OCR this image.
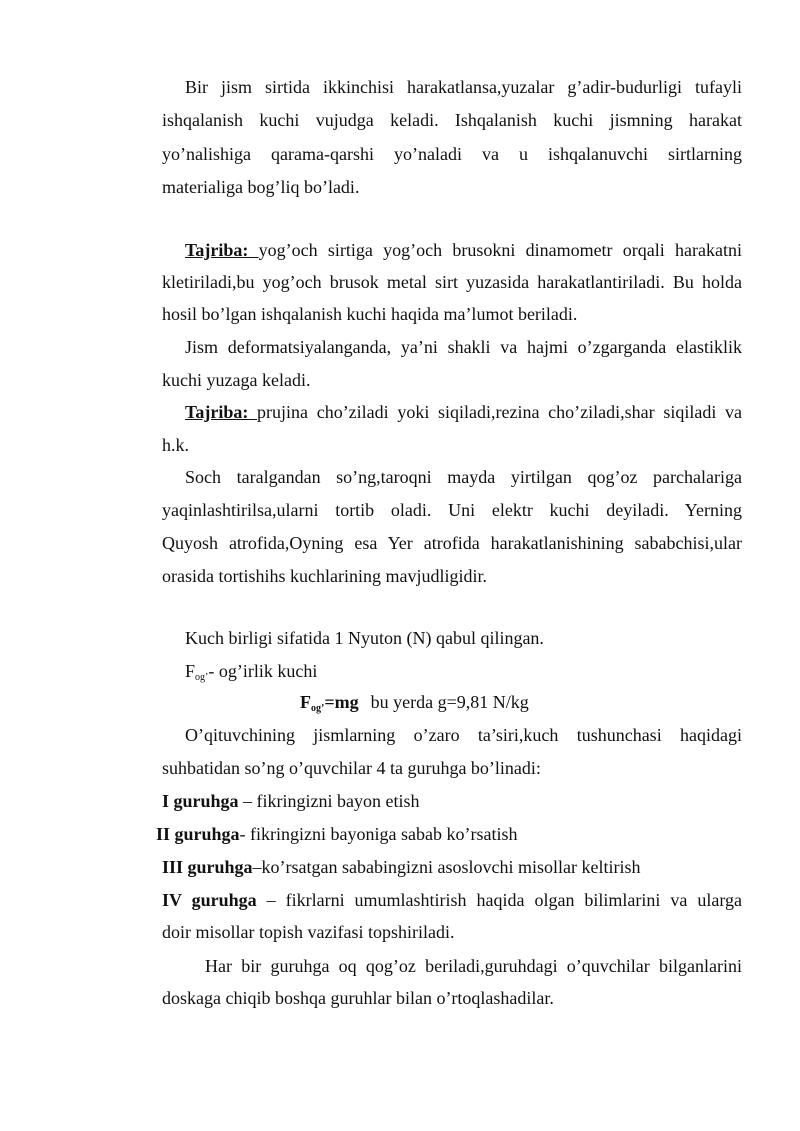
Bir jism sirtida ikkinchisi harakatlansa,yuzalar g’adir-budurligi tufayli
ishqalanish kuchi vujudga keladi. Ishqalanish kuchi jismning harakat
yo’nalishiga qarama-qarshi yo’naladi va u ishqalanuvchi sirtlarning
materialiga bog’liq bo’ladi.
Tajriba: yog’och sirtiga yog’och brusokni dinamometr orqali harakatni
kletiriladi,bu yog’och brusok metal sirt yuzasida harakatlantiriladi. Bu holda
hosil bo’lgan ishqalanish kuchi haqida ma’lumot beriladi.
Jism deformatsiyalanganda, ya’ni shakli va hajmi o’zgarganda elastiklik
kuchi yuzaga keladi.
Tajriba: prujina cho’ziladi yoki siqiladi,rezina cho’ziladi,shar siqiladi va
h.k.
Soch taralgandan so’ng,taroqni mayda yirtilgan qog’oz parchalariga
yaqinlashtirilsa,ularni tortib oladi. Uni elektr kuchi deyiladi. Yerning
Quyosh atrofida,Oyning esa Yer atrofida harakatlanishining sababchisi,ular
orasida tortishihs kuchlarining mavjudligidir.
Kuch birligi sifatida 1 Nyuton (N) qabul qilingan.
$F_{og’}-$ og’irlik kuchi
$F_{og’}=mg$ bu yerda g=9,81 N/kg
O’qituvchining jismlarning o’zaro ta’siri,kuch tushunchasi haqidagi
suhbatidan so’ng o’quvchilar 4 ta guruhga bo’linadi:
I guruhga – fikringizni bayon etish
II guruhga- fikringizni bayoniga sabab ko’rsatish
III guruhga–ko’rsatgan sababingizni asoslovchi misollar keltirish
IV guruhga – fikrlarni umumlashtirish haqida olgan bilimlarini va ularga
doir misollar topish vazifasi topshiriladi.
Har bir guruhga oq qog’oz beriladi,guruhdagi o’quvchilar bilganlarini
doskaga chiqib boshqa guruhlar bilan o’rtoqlashadilar.
